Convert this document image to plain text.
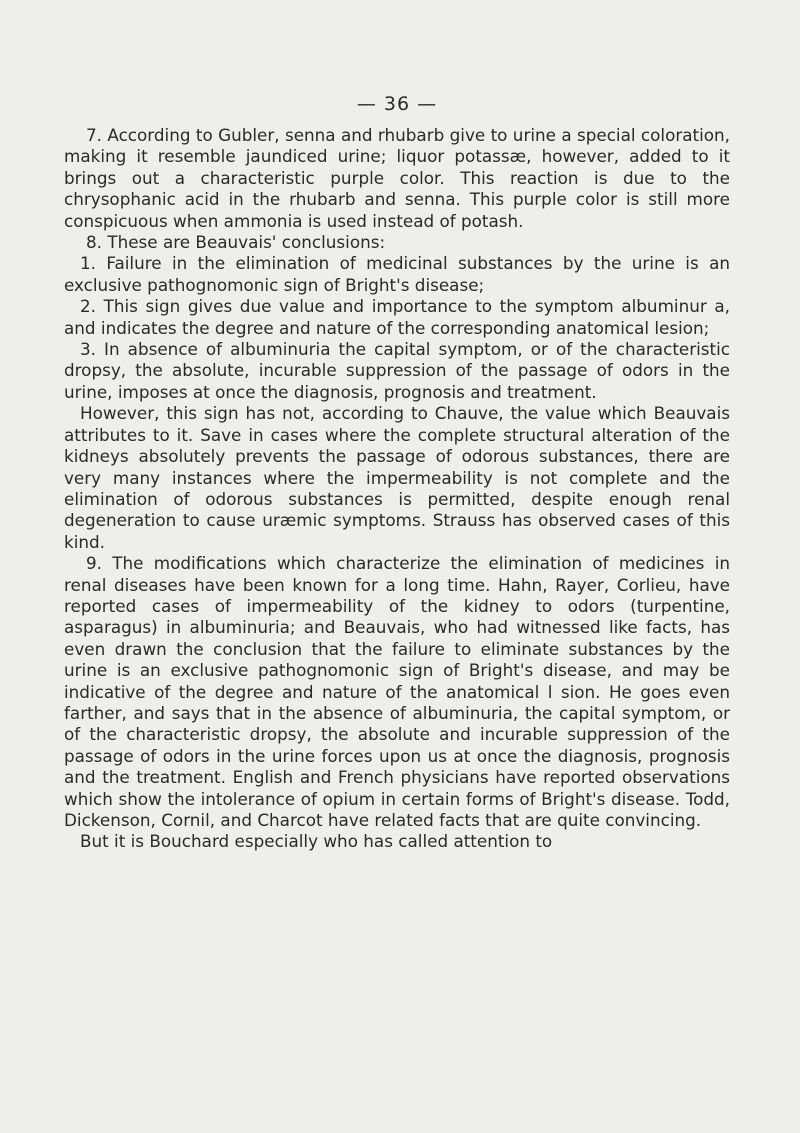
— 36 —

7. According to Gubler, senna and rhubarb give to urine a special coloration, making it resemble jaundiced urine; liquor potassæ, however, added to it brings out a characteristic purple color. This reaction is due to the chrysophanic acid in the rhubarb and senna. This purple color is still more conspicuous when ammonia is used instead of potash.

8. These are Beauvais' conclusions:

1. Failure in the elimination of medicinal substances by the urine is an exclusive pathognomonic sign of Bright's disease;

2. This sign gives due value and importance to the symptom albuminur a, and indicates the degree and nature of the corresponding anatomical lesion;

3. In absence of albuminuria the capital symptom, or of the characteristic dropsy, the absolute, incurable suppression of the passage of odors in the urine, imposes at once the diagnosis, prognosis and treatment.

However, this sign has not, according to Chauve, the value which Beauvais attributes to it. Save in cases where the complete structural alteration of the kidneys absolutely prevents the passage of odorous substances, there are very many instances where the impermeability is not complete and the elimination of odorous substances is permitted, despite enough renal degeneration to cause uræmic symptoms. Strauss has observed cases of this kind.

9. The modifications which characterize the elimination of medicines in renal diseases have been known for a long time. Hahn, Rayer, Corlieu, have reported cases of impermeability of the kidney to odors (turpentine, asparagus) in albuminuria; and Beauvais, who had witnessed like facts, has even drawn the conclusion that the failure to eliminate substances by the urine is an exclusive pathognomonic sign of Bright's disease, and may be indicative of the degree and nature of the anatomical l sion. He goes even farther, and says that in the absence of albuminuria, the capital symptom, or of the characteristic dropsy, the absolute and incurable suppression of the passage of odors in the urine forces upon us at once the diagnosis, prognosis and the treatment. English and French physicians have reported observations which show the intolerance of opium in certain forms of Bright's disease. Todd, Dickenson, Cornil, and Charcot have related facts that are quite convincing.

But it is Bouchard especially who has called attention to
